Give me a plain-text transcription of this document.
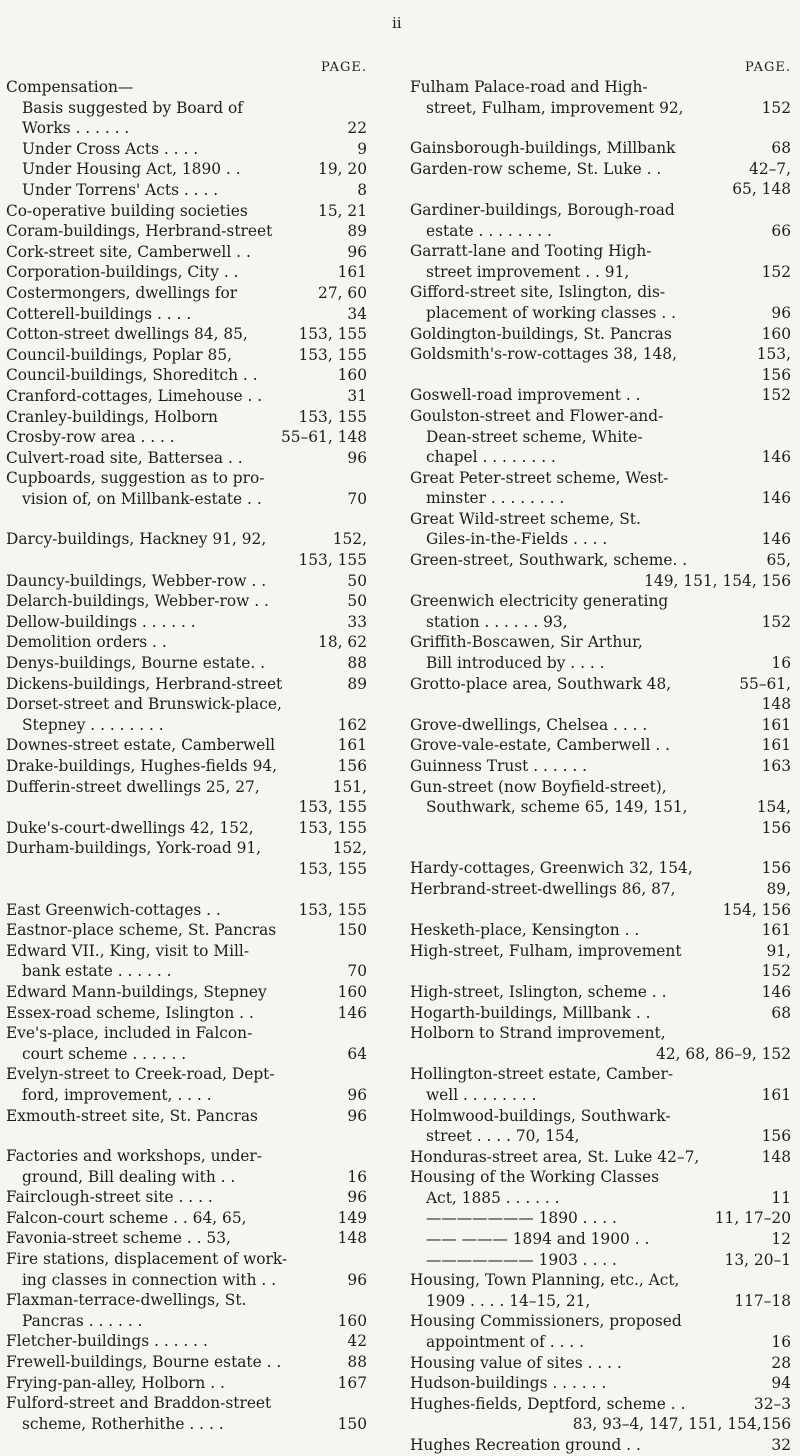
ii
PAGE.
Compensation—
Basis suggested by Board of
Works . . . . . .	22
Under Cross Acts . . . .	9
Under Housing Act, 1890 . .	19, 20
Under Torrens' Acts . . . .	8
Co-operative building societies	15, 21
Coram-buildings, Herbrand-street	89
Cork-street site, Camberwell . .	96
Corporation-buildings, City . .	161
Costermongers, dwellings for	27, 60
Cotterell-buildings . . . .	34
Cotton-street dwellings 84, 85,	153, 155
Council-buildings, Poplar 85,	153, 155
Council-buildings, Shoreditch . .	160
Cranford-cottages, Limehouse . .	31
Cranley-buildings, Holborn	153, 155
Crosby-row area . . . .	55–61, 148
Culvert-road site, Battersea . .	96
Cupboards, suggestion as to pro-
vision of, on Millbank-estate . .	70
Darcy-buildings, Hackney 91, 92,	152,
153, 155
Dauncy-buildings, Webber-row . .	50
Delarch-buildings, Webber-row . .	50
Dellow-buildings . . . . . .	33
Demolition orders . .	18, 62
Denys-buildings, Bourne estate. .	88
Dickens-buildings, Herbrand-street	89
Dorset-street and Brunswick-place,
Stepney . . . . . . . .	162
Downes-street estate, Camberwell	161
Drake-buildings, Hughes-fields 94,	156
Dufferin-street dwellings 25, 27,	151,
153, 155
Duke's-court-dwellings 42, 152,	153, 155
Durham-buildings, York-road 91,	152,
153, 155
East Greenwich-cottages . .	153, 155
Eastnor-place scheme, St. Pancras	150
Edward VII., King, visit to Mill-
bank estate . . . . . .	70
Edward Mann-buildings, Stepney	160
Essex-road scheme, Islington . .	146
Eve's-place, included in Falcon-
court scheme . . . . . .	64
Evelyn-street to Creek-road, Dept-
ford, improvement, . . . .	96
Exmouth-street site, St. Pancras	96
Factories and workshops, under-
ground, Bill dealing with . .	16
Fairclough-street site . . . .	96
Falcon-court scheme . . 64, 65,	149
Favonia-street scheme . . 53,	148
Fire stations, displacement of work-
ing classes in connection with . .	96
Flaxman-terrace-dwellings, St.
Pancras . . . . . .	160
Fletcher-buildings . . . . . .	42
Frewell-buildings, Bourne estate . .	88
Frying-pan-alley, Holborn . .	167
Fulford-street and Braddon-street
scheme, Rotherhithe . . . .	150
PAGE.
Fulham Palace-road and High-
street, Fulham, improvement 92,	152
Gainsborough-buildings, Millbank	68
Garden-row scheme, St. Luke . .	42–7,
65, 148
Gardiner-buildings, Borough-road
estate . . . . . . . .	66
Garratt-lane and Tooting High-
street improvement . . 91,	152
Gifford-street site, Islington, dis-
placement of working classes . .	96
Goldington-buildings, St. Pancras	160
Goldsmith's-row-cottages 38, 148,	153,
156
Goswell-road improvement . .	152
Goulston-street and Flower-and-
Dean-street scheme, White-
chapel . . . . . . . .	146
Great Peter-street scheme, West-
minster . . . . . . . .	146
Great Wild-street scheme, St.
Giles-in-the-Fields . . . .	146
Green-street, Southwark, scheme. .	65,
149, 151, 154, 156
Greenwich electricity generating
station . . . . . . 93,	152
Griffith-Boscawen, Sir Arthur,
Bill introduced by . . . .	16
Grotto-place area, Southwark 48,	55–61,
148
Grove-dwellings, Chelsea . . . .	161
Grove-vale-estate, Camberwell . .	161
Guinness Trust . . . . . .	163
Gun-street (now Boyfield-street),
Southwark, scheme 65, 149, 151,	154,
156
Hardy-cottages, Greenwich 32, 154,	156
Herbrand-street-dwellings 86, 87,	89,
154, 156
Hesketh-place, Kensington . .	161
High-street, Fulham, improvement	91,
152
High-street, Islington, scheme . .	146
Hogarth-buildings, Millbank . .	68
Holborn to Strand improvement,
42, 68, 86–9, 152
Hollington-street estate, Camber-
well . . . . . . . .	161
Holmwood-buildings, Southwark-
street . . . . 70, 154,	156
Honduras-street area, St. Luke 42–7,	148
Housing of the Working Classes
Act, 1885 . . . . . .	11
——————— 1890 . . . .	11, 17–20
—— ——— 1894 and 1900 . .	12
——————— 1903 . . . .	13, 20–1
Housing, Town Planning, etc., Act,
1909 . . . . 14–15, 21,	117–18
Housing Commissioners, proposed
appointment of . . . .	16
Housing value of sites . . . .	28
Hudson-buildings . . . . . .	94
Hughes-fields, Deptford, scheme . .	32–3
83, 93–4, 147, 151, 154,156
Hughes Recreation ground . .	32
